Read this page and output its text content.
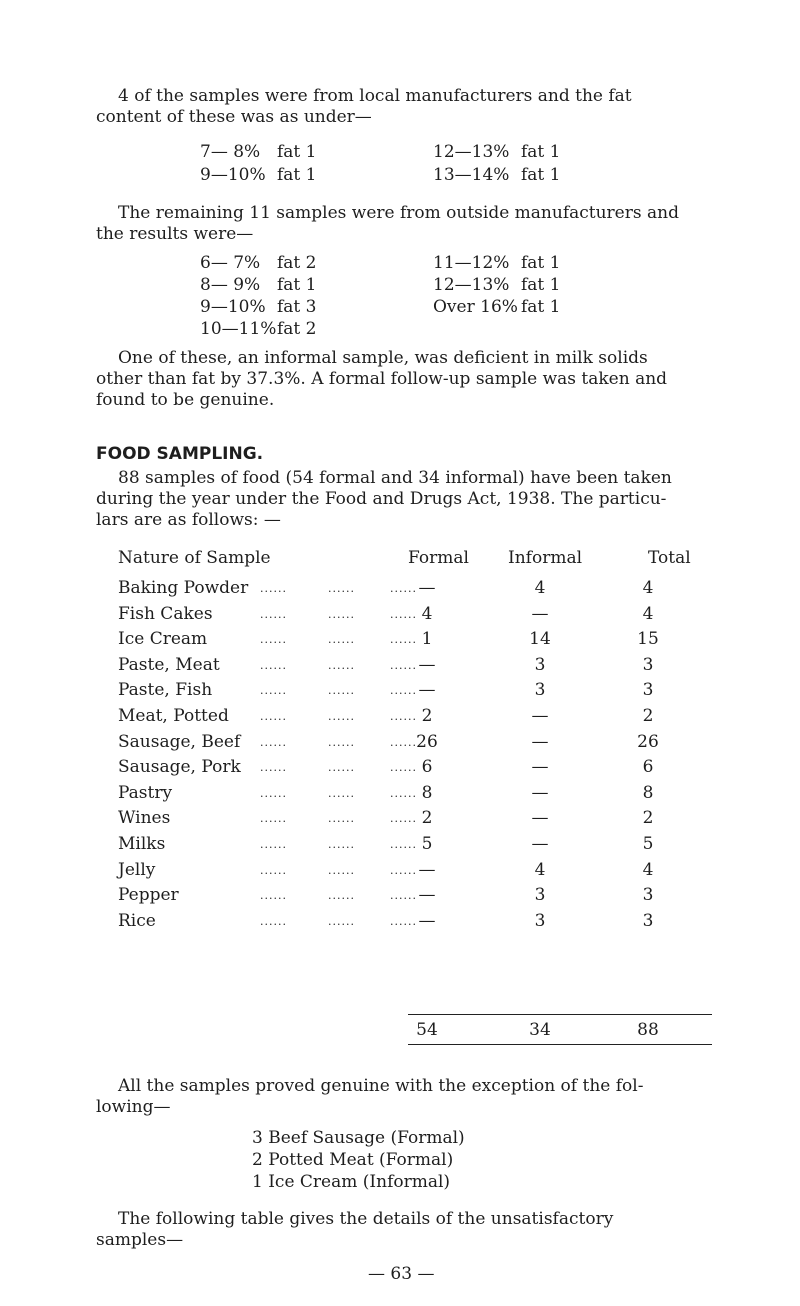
4 of the samples were from local manufacturers and the fat
content of these was as under—
7— 8% fat 1
9—10% fat 1
12—13% fat 1
13—14% fat 1
The remaining 11 samples were from outside manufacturers and
the results were—
6— 7% fat 2
8— 9% fat 1
9—10% fat 3
10—11% fat 2
11—12% fat 1
12—13% fat 1
Over 16% fat 1
One of these, an informal sample, was deficient in milk solids
other than fat by 37.3%. A formal follow-up sample was taken and
found to be genuine.
FOOD SAMPLING.
88 samples of food (54 formal and 34 informal) have been taken
during the year under the Food and Drugs Act, 1938. The particu-
lars are as follows: —
Nature of Sample	Formal Informal	Total
Baking Powder ......	......	...... —	4	4
Fish Cakes	......	......	...... 4	—	4
Ice Cream	......	......	...... 1	14	15
Paste, Meat	......	......	...... —	3	3
Paste, Fish	......	......	...... —	3	3
Meat, Potted	......	......	...... 2	—	2
Sausage, Beef ......	......	...... 26	—	26
Sausage, Pork ......	......	...... 6	—	6
Pastry	......	......	...... 8	—	8
Wines	......	......	...... 2	—	2
Milks	......	......	...... 5	—	5
Jelly	......	......	...... —	4	4
Pepper	......	......	...... —	3	3
Rice	......	......	...... —	3	3
54	34	88
All the samples proved genuine with the exception of the fol-
lowing—
3 Beef Sausage (Formal)
2 Potted Meat (Formal)
1 Ice Cream (Informal)
The following table gives the details of the unsatisfactory
samples—
— 63 —
